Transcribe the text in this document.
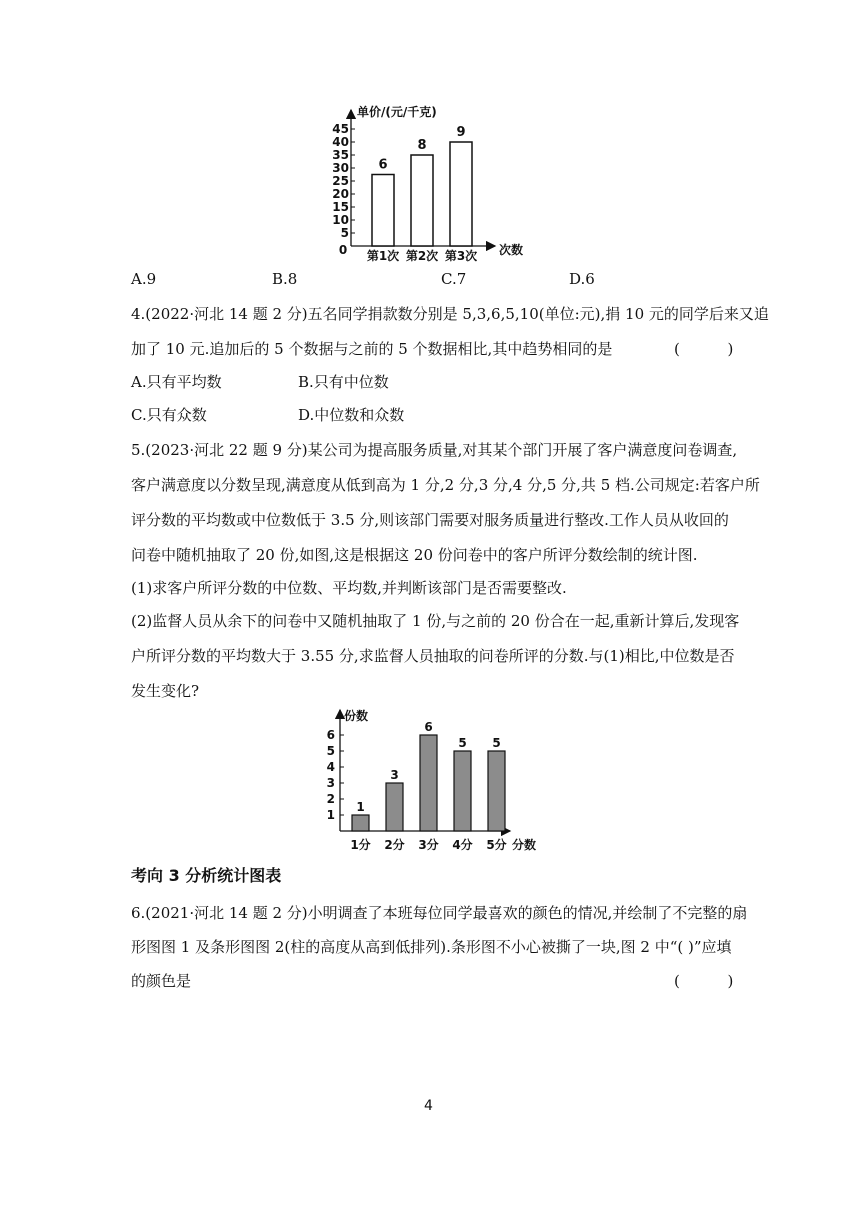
单价/(元/千克)
次数
0
5
10
15
20
25
30
35
40
45
6
第1次
8
第2次
9
第3次
A.9	B.8	C.7	D.6
4.(2022·河北 14 题 2 分)五名同学捐款数分别是 5,3,6,5,10(单位:元),捐 10 元的同学后来又追
加了 10 元.追加后的 5 个数据与之前的 5 个数据相比,其中趋势相同的是	(          )
A.只有平均数	B.只有中位数
C.只有众数	D.中位数和众数
5.(2023·河北 22 题 9 分)某公司为提高服务质量,对其某个部门开展了客户满意度问卷调查,
客户满意度以分数呈现,满意度从低到高为 1 分,2 分,3 分,4 分,5 分,共 5 档.公司规定:若客户所
评分数的平均数或中位数低于 3.5 分,则该部门需要对服务质量进行整改.工作人员从收回的
问卷中随机抽取了 20 份,如图,这是根据这 20 份问卷中的客户所评分数绘制的统计图.
(1)求客户所评分数的中位数、平均数,并判断该部门是否需要整改.
(2)监督人员从余下的问卷中又随机抽取了 1 份,与之前的 20 份合在一起,重新计算后,发现客
户所评分数的平均数大于 3.55 分,求监督人员抽取的问卷所评的分数.与(1)相比,中位数是否
发生变化?
份数
分数
1
2
3
4
5
6
1
1分
3
2分
6
3分
5
4分
5
5分
考向 3 分析统计图表
6.(2021·河北 14 题 2 分)小明调查了本班每位同学最喜欢的颜色的情况,并绘制了不完整的扇
形图图 1 及条形图图 2(柱的高度从高到低排列).条形图不小心被撕了一块,图 2 中“( )”应填
的颜色是	(          )
4
